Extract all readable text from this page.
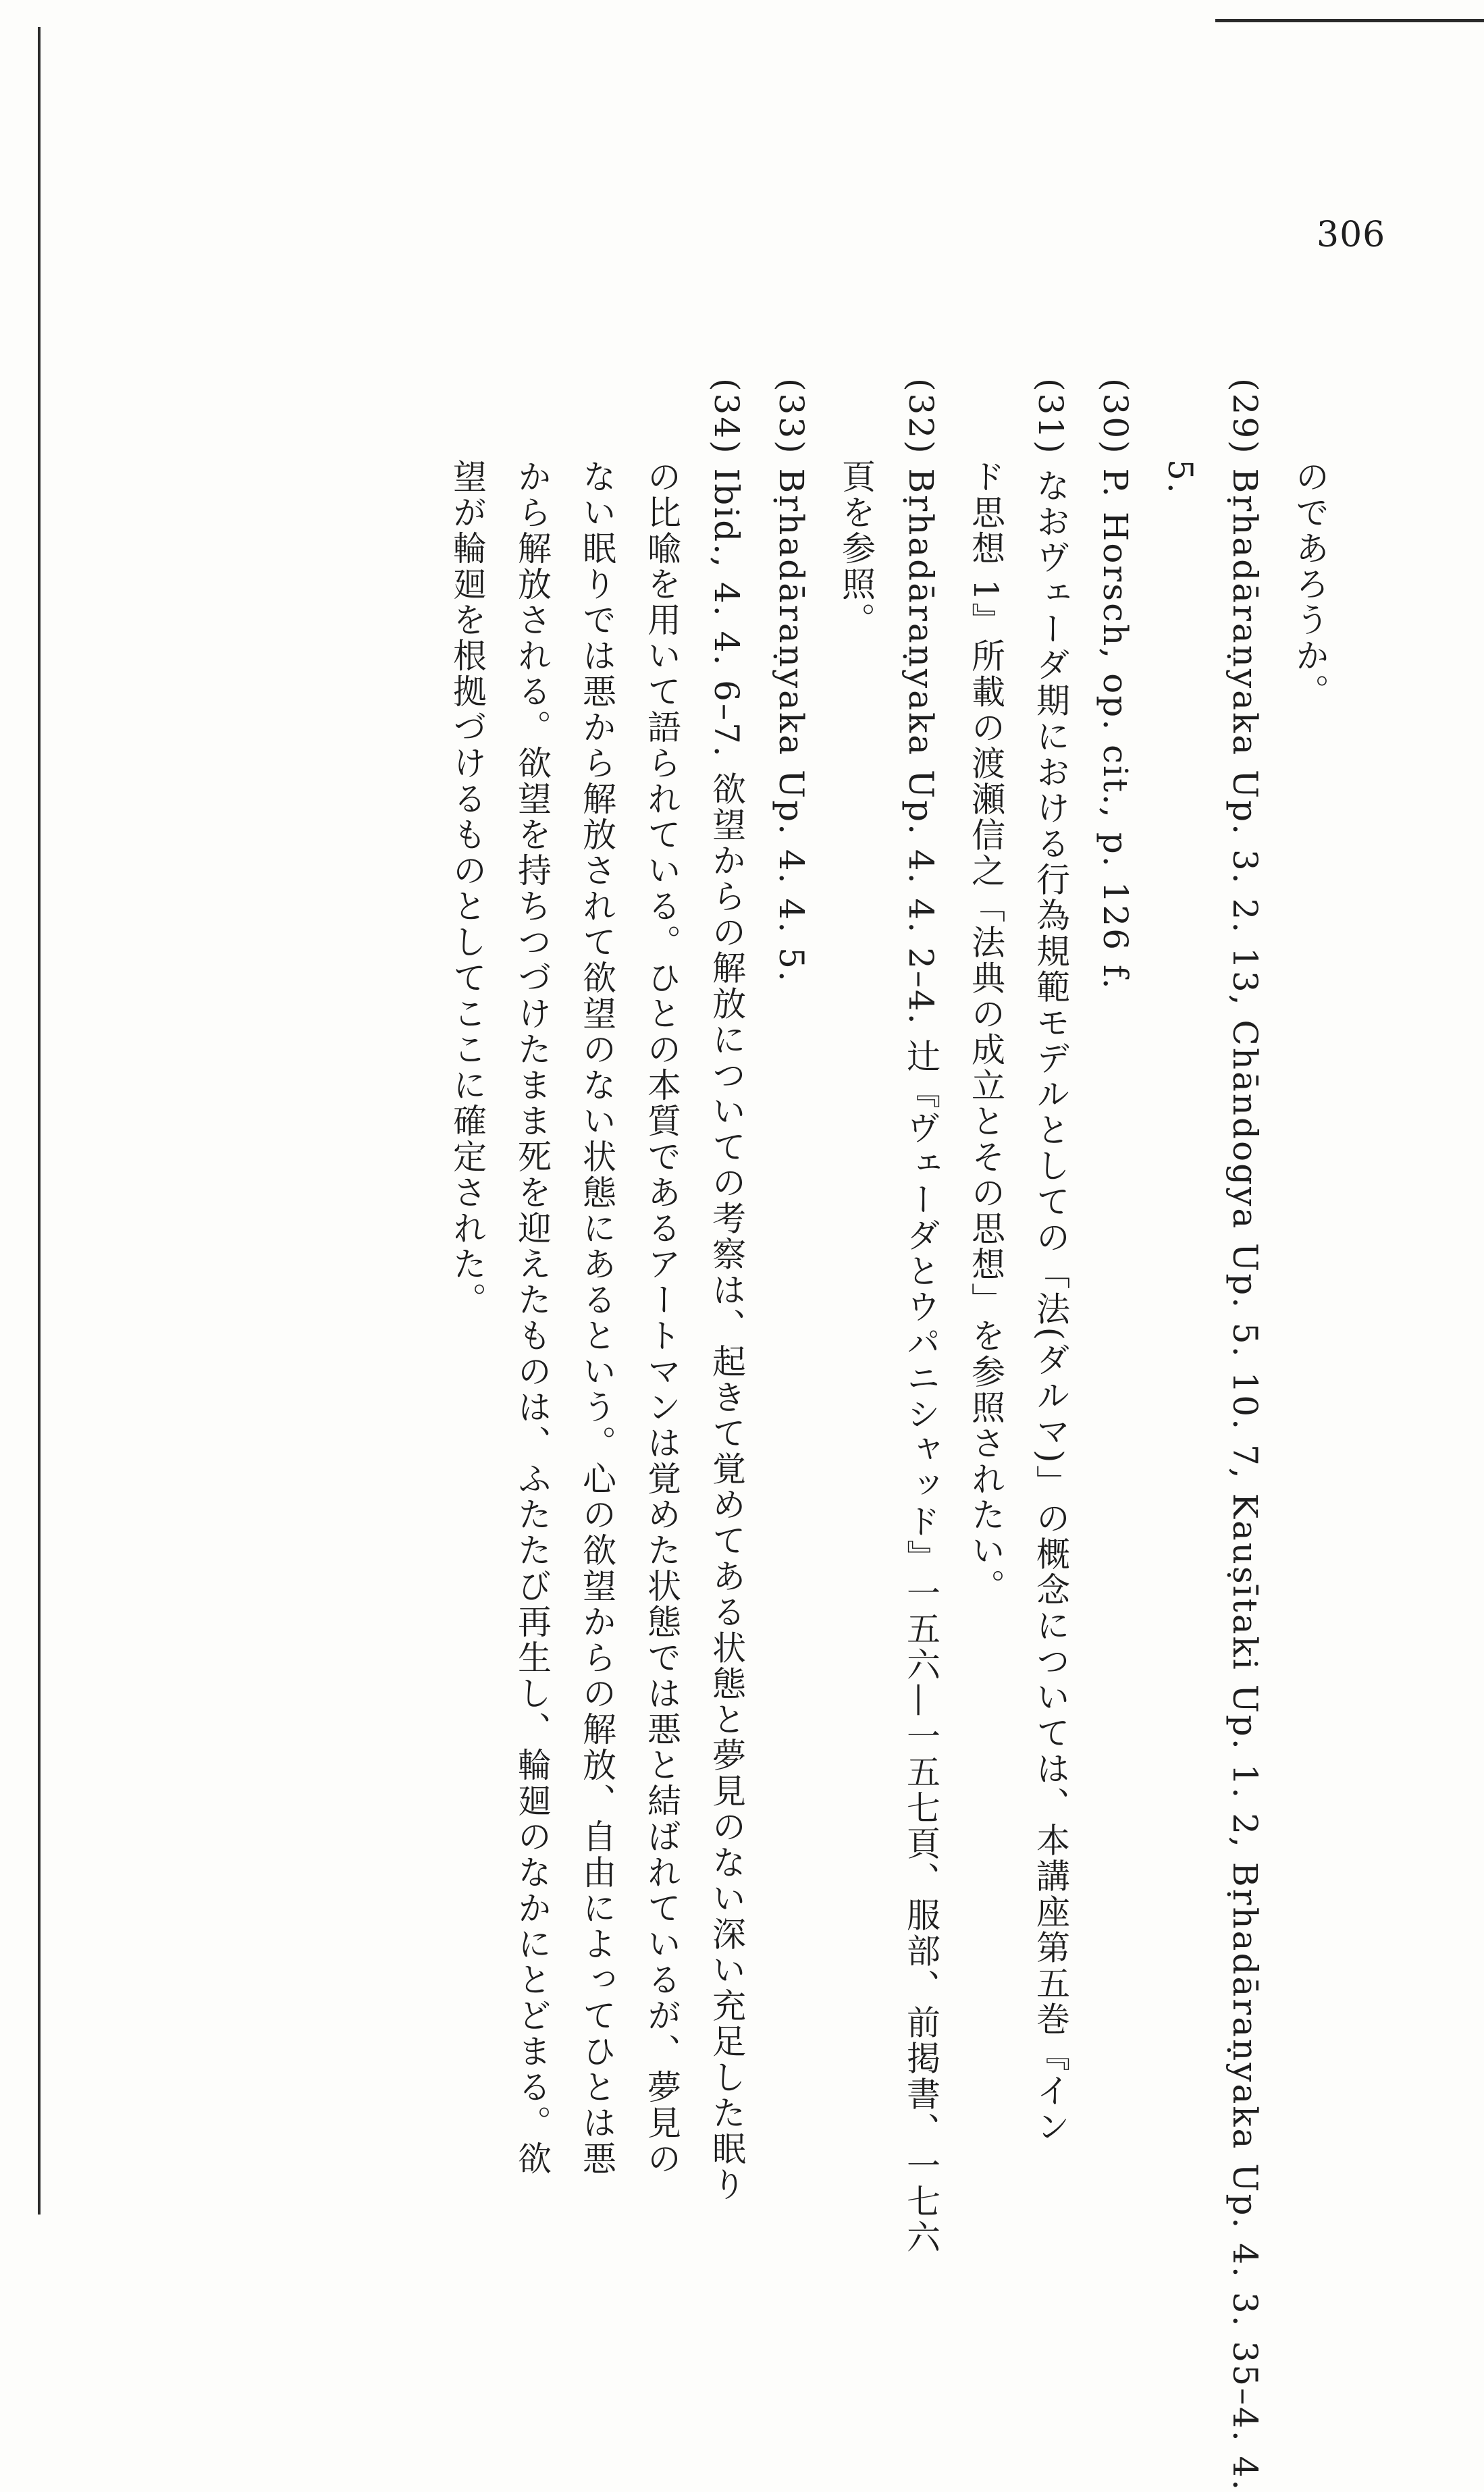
306
のであろうか。
(29) Bṛhadāraṇyaka Up. 3. 2. 13, Chāndogya Up. 5. 10. 7, Kauṣītaki Up. 1. 2, Bṛhadāraṇyaka Up. 4. 3. 35–4. 4.
5.
(30) P. Horsch, op. cit., p. 126 f.
(31) なおヴェーダ期における行為規範モデルとしての「法(ダルマ)」の概念については、本講座第五巻『イン
ド思想 1』所載の渡瀬信之「法典の成立とその思想」を参照されたい。
(32) Bṛhadāraṇyaka Up. 4. 4. 2–4. 辻『ヴェーダとウパニシャッド』一五六—一五七頁、服部、前掲書、一七六
頁を参照。
(33) Bṛhadāraṇyaka Up. 4. 4. 5.
(34) Ibid., 4. 4. 6–7. 欲望からの解放についての考察は、起きて覚めてある状態と夢見のない深い充足した眠り
の比喩を用いて語られている。ひとの本質であるアートマンは覚めた状態では悪と結ばれているが、夢見の
ない眠りでは悪から解放されて欲望のない状態にあるという。心の欲望からの解放、自由によってひとは悪
から解放される。欲望を持ちつづけたまま死を迎えたものは、ふたたび再生し、輪廻のなかにとどまる。欲
望が輪廻を根拠づけるものとしてここに確定された。
